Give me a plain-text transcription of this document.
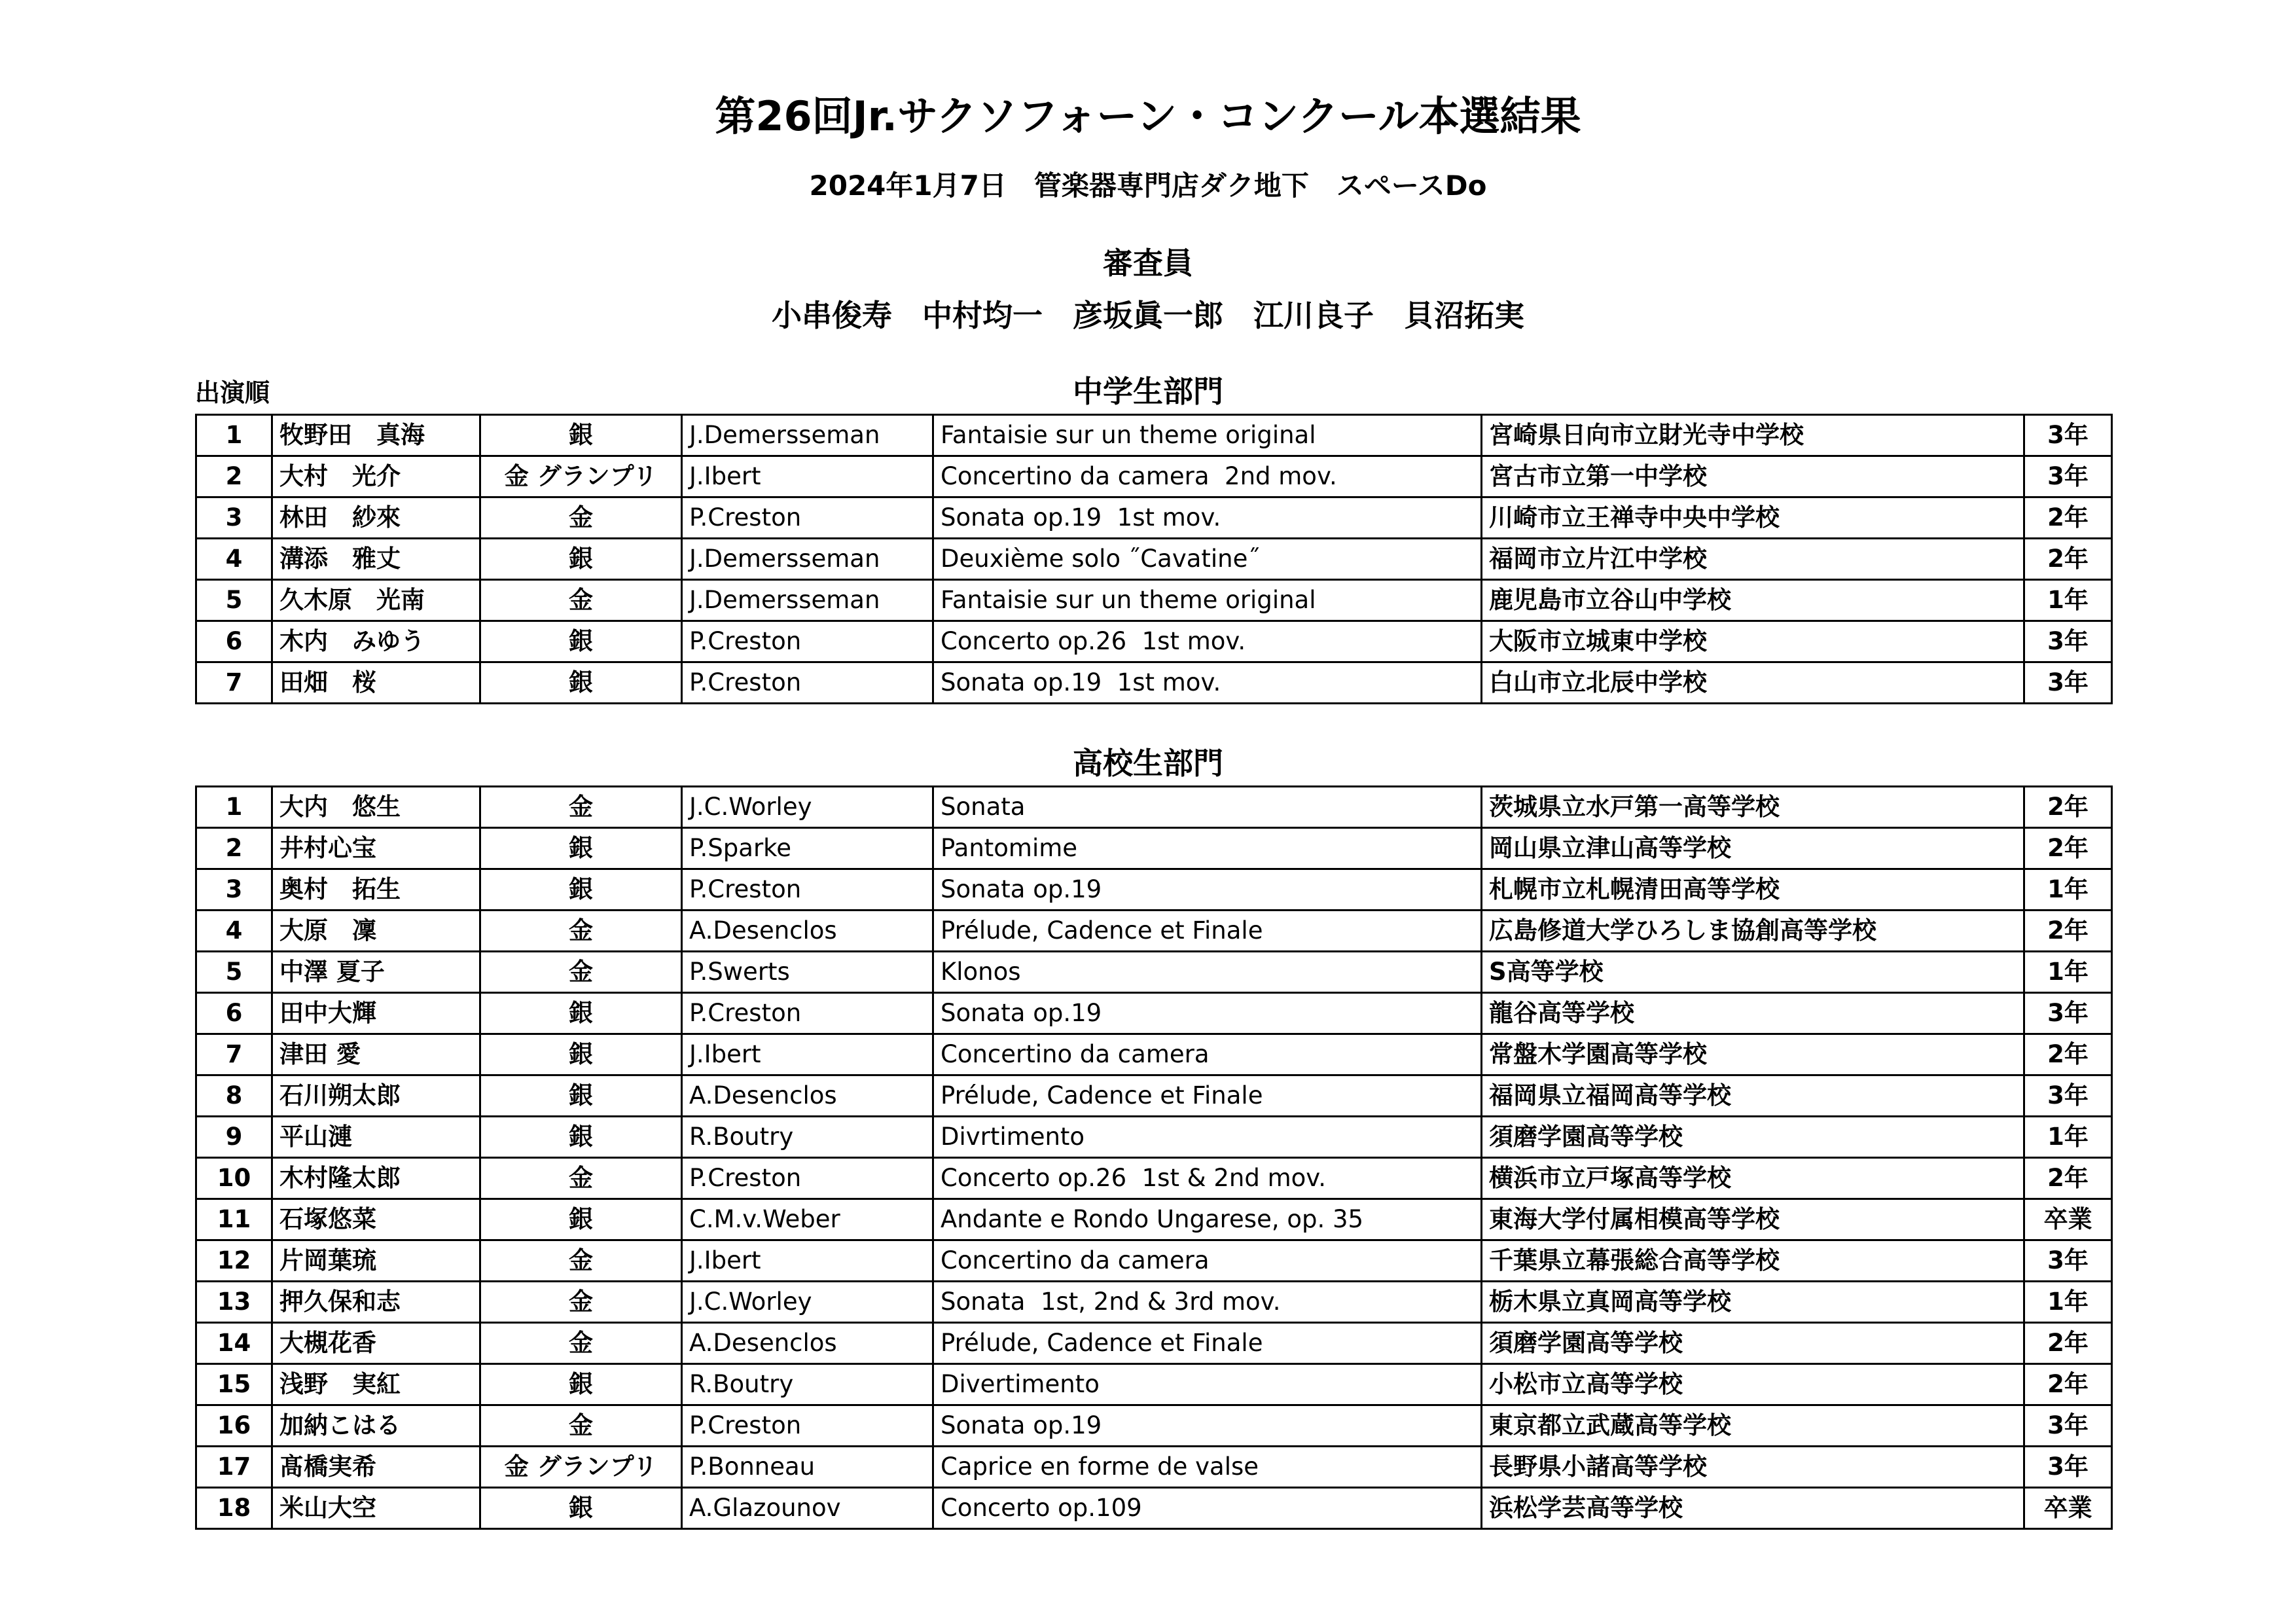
第26回Jr.サクソフォーン・コンクール本選結果
2024年1月7日　管楽器専門店ダク地下　スペースDo
審査員
小串俊寿　中村均一　彦坂眞一郎　江川良子　貝沼拓実
出演順	中学生部門
1	牧野田　真海	銀	J.Demersseman	Fantaisie sur un theme original	宮崎県日向市立財光寺中学校	3年
2	大村　光介	金 グランプリ	J.Ibert	Concertino da camera  2nd mov.	宮古市立第一中学校	3年
3	林田　紗來	金	P.Creston	Sonata op.19  1st mov.	川崎市立王禅寺中央中学校	2年
4	溝添　雅丈	銀	J.Demersseman	Deuxième solo ˝Cavatine˝	福岡市立片江中学校	2年
5	久木原　光南	金	J.Demersseman	Fantaisie sur un theme original	鹿児島市立谷山中学校	1年
6	木内　みゆう	銀	P.Creston	Concerto op.26  1st mov.	大阪市立城東中学校	3年
7	田畑　桜	銀	P.Creston	Sonata op.19  1st mov.	白山市立北辰中学校	3年
高校生部門
1	大内　悠生	金	J.C.Worley	Sonata	茨城県立水戸第一高等学校	2年
2	井村心宝	銀	P.Sparke	Pantomime	岡山県立津山高等学校	2年
3	奥村　拓生	銀	P.Creston	Sonata op.19	札幌市立札幌清田高等学校	1年
4	大原　凜	金	A.Desenclos	Prélude, Cadence et Finale	広島修道大学ひろしま協創高等学校	2年
5	中澤 夏子	金	P.Swerts	Klonos	S高等学校	1年
6	田中大輝	銀	P.Creston	Sonata op.19	龍谷高等学校	3年
7	津田 愛	銀	J.Ibert	Concertino da camera	常盤木学園高等学校	2年
8	石川朔太郎	銀	A.Desenclos	Prélude, Cadence et Finale	福岡県立福岡高等学校	3年
9	平山漣	銀	R.Boutry	Divrtimento	須磨学園高等学校	1年
10	木村隆太郎	金	P.Creston	Concerto op.26  1st & 2nd mov.	横浜市立戸塚高等学校	2年
11	石塚悠菜	銀	C.M.v.Weber	Andante e Rondo Ungarese, op. 35	東海大学付属相模高等学校	卒業
12	片岡葉琉	金	J.Ibert	Concertino da camera	千葉県立幕張総合高等学校	3年
13	押久保和志	金	J.C.Worley	Sonata  1st, 2nd & 3rd mov.	栃木県立真岡高等学校	1年
14	大槻花香	金	A.Desenclos	Prélude, Cadence et Finale	須磨学園高等学校	2年
15	浅野　実紅	銀	R.Boutry	Divertimento	小松市立高等学校	2年
16	加納こはる	金	P.Creston	Sonata op.19	東京都立武蔵高等学校	3年
17	髙橋実希	金 グランプリ	P.Bonneau	Caprice en forme de valse	長野県小諸高等学校	3年
18	米山大空	銀	A.Glazounov	Concerto op.109	浜松学芸高等学校	卒業
